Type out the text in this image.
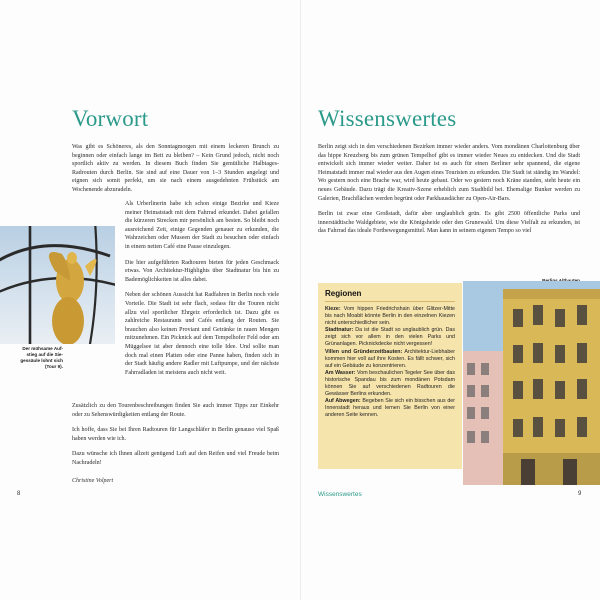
Vorwort

Was gibt es Schöneres, als den Sonntagmorgen mit einem leckeren Brunch zu beginnen oder einfach lange im Bett zu bleiben? – Kein Grund jedoch, nicht noch sportlich aktiv zu werden. In diesem Buch finden Sie gemütliche Halbtages-Radrouten durch Berlin. Sie sind auf eine Dauer von 1–3 Stunden angelegt und eignen sich somit perfekt, um sie nach einem ausgedehnten Frühstück am Wochenende abzuradeln.

Als Urberlinerin habe ich schon einige Bezirke und Kieze meiner Heimatstadt mit dem Fahrrad erkundet. Dabei gefallen die kürzeren Strecken mir persönlich am besten. So bleibt noch ausreichend Zeit, einige Gegenden genauer zu erkunden, die Wahrzeichen oder Museen der Stadt zu besuchen oder einfach in einem netten Café eine Pause einzulegen.

Die hier aufgeführten Radtouren bieten für jeden Geschmack etwas. Von Architektur-Highlights über Stadtnatur bis hin zu Bademöglichkeiten ist alles dabei.

Neben der schönen Aussicht hat Radfahren in Berlin noch viele Vorteile. Die Stadt ist sehr flach, sodass für die Touren nicht allzu viel sportlicher Ehrgeiz erforderlich ist. Dazu gibt es zahlreiche Restaurants und Cafés entlang der Routen. Sie brauchen also keinen Proviant und Getränke in rauen Mengen mitzunehmen. Ein Picknick auf dem Tempelhofer Feld oder am Müggelsee ist aber dennoch eine tolle Idee. Und sollte man doch mal einen Platten oder eine Panne haben, finden sich in der Stadt häufig andere Radler mit Luftpumpe, und der nächste Fahrradladen ist meistens auch nicht weit.

Zusätzlich zu den Tourenbeschreibungen finden Sie auch immer Tipps zur Einkehr oder zu Sehenswürdigkeiten entlang der Route.

Ich hoffe, dass Sie bei Ihren Radtouren für Langschläfer in Berlin genauso viel Spaß haben werden wie ich.

Dazu wünsche ich Ihnen allzeit genügend Luft auf den Reifen und viel Freude beim Nachradeln!

Christine Volpert
Der mühsame Auf-
stieg auf die Sie-
gessäule lohnt sich
(Tour 9).
8
Wissenswertes

Berlin zeigt sich in den verschiedenen Bezirken immer wieder anders. Vom mondänen Charlottenburg über das hippe Kreuzberg bis zum grünen Tempelhof gibt es immer wieder Neues zu entdecken. Und die Stadt entwickelt sich immer wieder weiter. Daher ist es auch für einen Berliner sehr spannend, die eigene Heimatstadt immer mal wieder aus den Augen eines Touristen zu erkunden. Die Stadt ist ständig im Wandel: Wo gestern noch eine Brache war, wird heute gebaut. Oder wo gestern noch Kräne standen, steht heute ein neues Gebäude. Dazu trägt die Kreativ-Szene erheblich zum Stadtbild bei. Ehemalige Bunker werden zu Galerien, Brachflächen werden begrünt oder Parkhausdächer zu Open-Air-Bars.

Berlin ist zwar eine Großstadt, dafür aber unglaublich grün. Es gibt 2500 öffentliche Parks und innerstädtische Waldgebiete, wie die Königsheide oder den Grunewald. Um diese Vielfalt zu erkunden, ist das Fahrrad das ideale Fortbewegungsmittel. Man kann in seinem eigenen Tempo so viel

Regionen
Kieze: Vom hippen Friedrichshain über Glitzer-Mitte bis nach Moabit könnte Berlin in den einzelnen Kiezen nicht unterschiedlicher sein.
Stadtnatur: Da ist die Stadt so unglaublich grün. Das zeigt sich vor allem in den vielen Parks und Grünanlagen. Picknickdecke nicht vergessen!
Villen und Gründerzeitbauten: Architektur-Liebhaber kommen hier voll auf ihre Kosten. Es fällt schwer, sich auf ein Gebäude zu konzentrieren.
Am Wasser: Vom beschaulichen Tegeler See über das historische Spandau bis zum mondänen Potsdam können Sie auf verschiedenen Radtouren die Gewässer Berlins erkunden.
Auf Abwegen: Begeben Sie sich ein bisschen aus der Innenstadt heraus und lernen Sie Berlin von einer anderen Seite kennen.
Wissenswertes	9
